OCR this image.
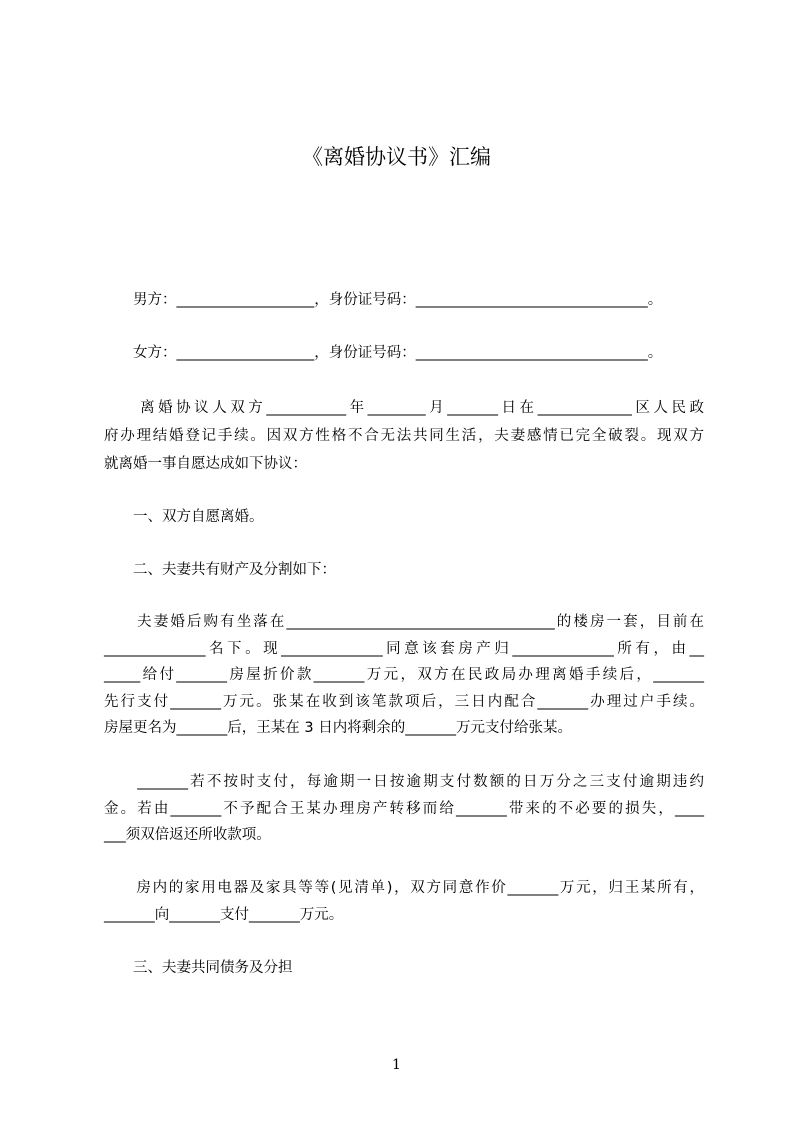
《离婚协议书》汇编
　　男方：___________________，身份证号码：________________________________。
　　女方：___________________，身份证号码：________________________________。
　　离婚协议人双方___________年________月_______日在_____________区人民政
府办理结婚登记手续。因双方性格不合无法共同生活，夫妻感情已完全破裂。现双方
就离婚一事自愿达成如下协议：
　　一、双方自愿离婚。
　　二、夫妻共有财产及分割如下：
　　夫妻婚后购有坐落在_____________________________________的楼房一套，目前在
______________名下。现______________同意该套房产归______________所有，由__
_____给付_______房屋折价款_______万元，双方在民政局办理离婚手续后，_______
先行支付_______万元。张某在收到该笔款项后，三日内配合_______办理过户手续。
房屋更名为_______后，王某在 3 日内将剩余的_______万元支付给张某。
　　_______若不按时支付，每逾期一日按逾期支付数额的日万分之三支付逾期违约
金。若由_______不予配合王某办理房产转移而给_______带来的不必要的损失，____
___须双倍返还所收款项。
　　房内的家用电器及家具等等(见清单)，双方同意作价_______万元，归王某所有，
_______向_______支付_______万元。
　　三、夫妻共同债务及分担
1
